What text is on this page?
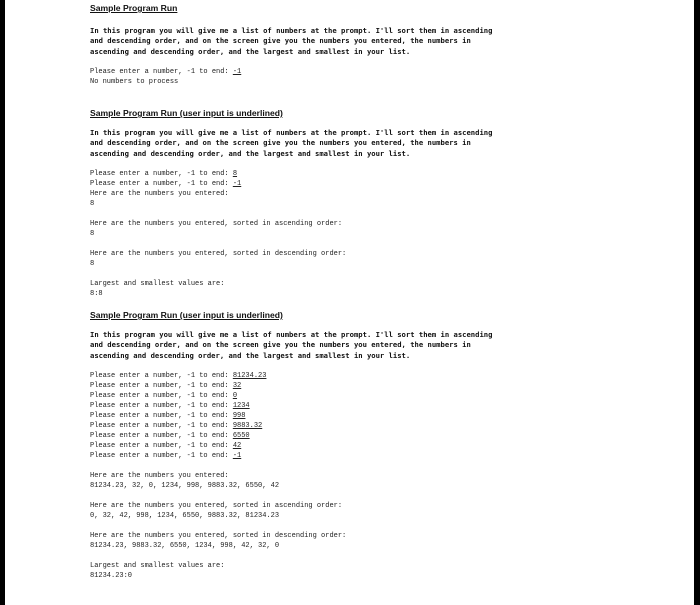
Sample Program Run
In this program you will give me a list of numbers at the prompt. I'll sort them in ascending
and descending order, and on the screen give you the numbers you entered, the numbers in
ascending and descending order, and the largest and smallest in your list.
Please enter a number, -1 to end: -1
No numbers to process
Sample Program Run (user input is underlined)
In this program you will give me a list of numbers at the prompt. I'll sort them in ascending
and descending order, and on the screen give you the numbers you entered, the numbers in
ascending and descending order, and the largest and smallest in your list.
Please enter a number, -1 to end: 8
Please enter a number, -1 to end: -1
Here are the numbers you entered:
8
Here are the numbers you entered, sorted in ascending order:
8
Here are the numbers you entered, sorted in descending order:
8
Largest and smallest values are:
8:8
Sample Program Run (user input is underlined)
In this program you will give me a list of numbers at the prompt. I'll sort them in ascending
and descending order, and on the screen give you the numbers you entered, the numbers in
ascending and descending order, and the largest and smallest in your list.
Please enter a number, -1 to end: 81234.23
Please enter a number, -1 to end: 32
Please enter a number, -1 to end: 0
Please enter a number, -1 to end: 1234
Please enter a number, -1 to end: 998
Please enter a number, -1 to end: 9883.32
Please enter a number, -1 to end: 6550
Please enter a number, -1 to end: 42
Please enter a number, -1 to end: -1
Here are the numbers you entered:
81234.23, 32, 0, 1234, 998, 9883.32, 6550, 42
Here are the numbers you entered, sorted in ascending order:
0, 32, 42, 998, 1234, 6550, 9883.32, 81234.23
Here are the numbers you entered, sorted in descending order:
81234.23, 9883.32, 6550, 1234, 998, 42, 32, 0
Largest and smallest values are:
81234.23:0
